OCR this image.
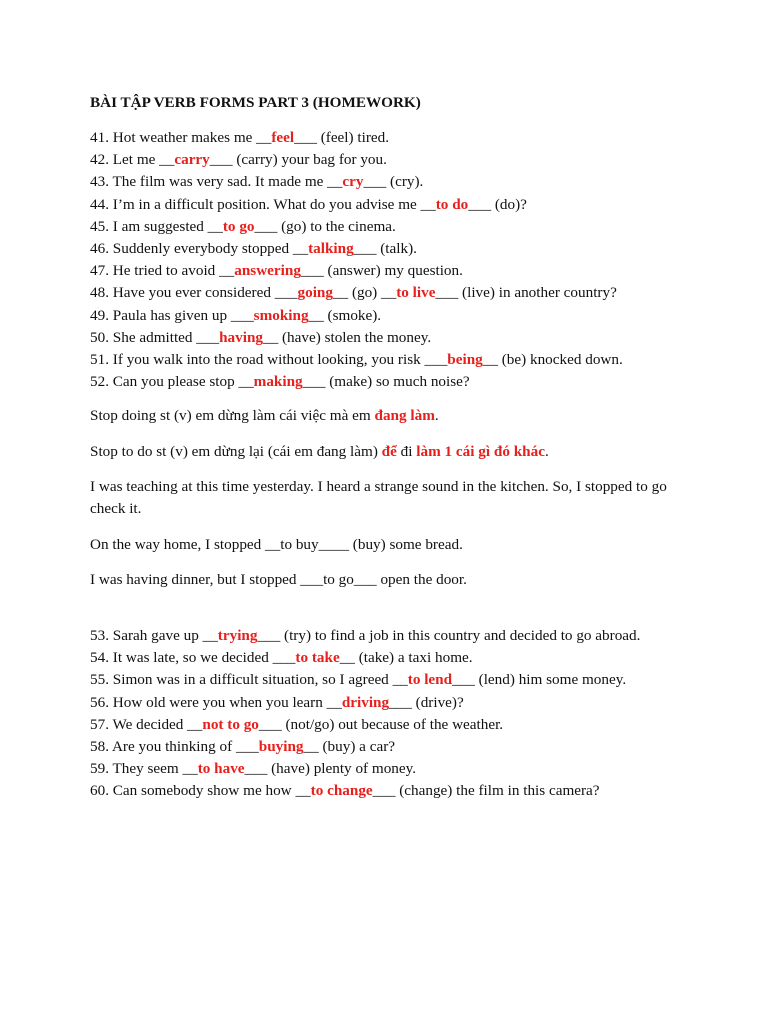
BÀI TẬP VERB FORMS PART 3 (HOMEWORK)
41. Hot weather makes me __feel___ (feel) tired.
42. Let me __carry___ (carry) your bag for you.
43. The film was very sad. It made me __cry___ (cry).
44. I’m in a difficult position. What do you advise me __to do___ (do)?
45. I am suggested __to go___ (go) to the cinema.
46. Suddenly everybody stopped __talking___ (talk).
47. He tried to avoid __answering___ (answer) my question.
48. Have you ever considered ___going__ (go) __to live___ (live) in another country?
49. Paula has given up ___smoking__ (smoke).
50. She admitted ___having__ (have) stolen the money.
51. If you walk into the road without looking, you risk ___being__ (be) knocked down.
52. Can you please stop __making___ (make) so much noise?
Stop doing st (v) em dừng làm cái việc mà em đang làm.
Stop to do st (v) em dừng lại (cái em đang làm) để đi làm 1 cái gì đó khác.
I was teaching at this time yesterday. I heard a strange sound in the kitchen. So, I stopped to go check it.
On the way home, I stopped __to buy____ (buy) some bread.
I was having dinner, but I stopped ___to go___ open the door.
53. Sarah gave up __trying___ (try) to find a job in this country and decided to go abroad.
54. It was late, so we decided ___to take__ (take) a taxi home.
55. Simon was in a difficult situation, so I agreed __to lend___ (lend) him some money.
56. How old were you when you learn __driving___ (drive)?
57. We decided __not to go___ (not/go) out because of the weather.
58. Are you thinking of ___buying__ (buy) a car?
59. They seem __to have___ (have) plenty of money.
60. Can somebody show me how __to change___ (change) the film in this camera?
